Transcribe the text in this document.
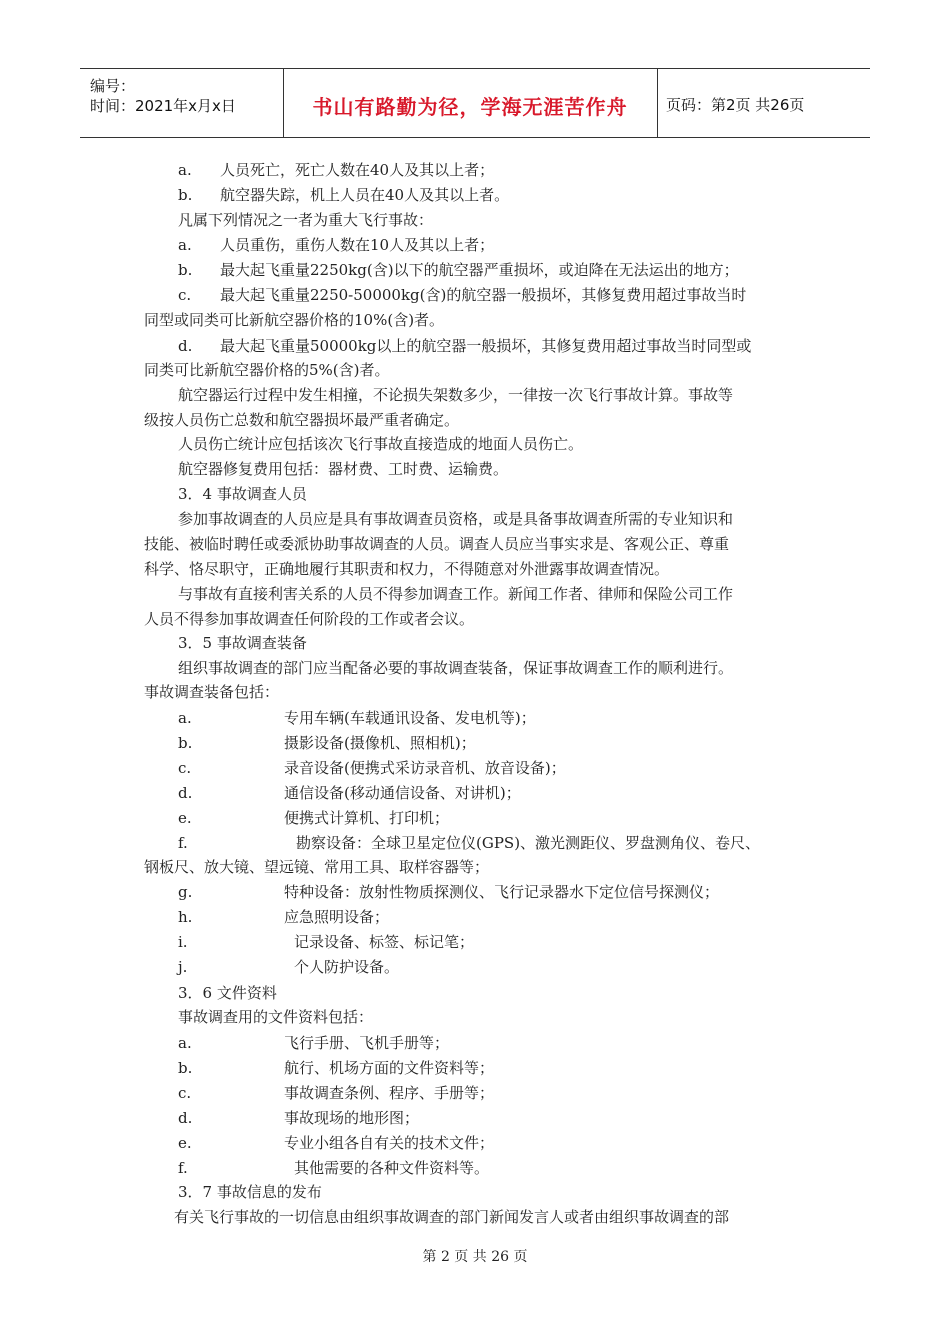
编号：
时间：2021年x月x日	书山有路勤为径，学海无涯苦作舟	页码：第2页 共26页
a. 人员死亡，死亡人数在40人及其以上者；
b. 航空器失踪，机上人员在40人及其以上者。
凡属下列情况之一者为重大飞行事故：
a. 人员重伤，重伤人数在10人及其以上者；
b. 最大起飞重量2250kg(含)以下的航空器严重损坏，或迫降在无法运出的地方；
c. 最大起飞重量2250-50000kg(含)的航空器一般损坏，其修复费用超过事故当时
同型或同类可比新航空器价格的10%(含)者。
d. 最大起飞重量50000kg以上的航空器一般损坏，其修复费用超过事故当时同型或
同类可比新航空器价格的5%(含)者。
航空器运行过程中发生相撞，不论损失架数多少，一律按一次飞行事故计算。事故等
级按人员伤亡总数和航空器损坏最严重者确定。
人员伤亡统计应包括该次飞行事故直接造成的地面人员伤亡。
航空器修复费用包括：器材费、工时费、运输费。
3．4 事故调查人员
参加事故调查的人员应是具有事故调查员资格，或是具备事故调查所需的专业知识和
技能、被临时聘任或委派协助事故调查的人员。调查人员应当事实求是、客观公正、尊重
科学、恪尽职守，正确地履行其职责和权力，不得随意对外泄露事故调查情况。
与事故有直接利害关系的人员不得参加调查工作。新闻工作者、律师和保险公司工作
人员不得参加事故调查任何阶段的工作或者会议。
3．5 事故调查装备
组织事故调查的部门应当配备必要的事故调查装备，保证事故调查工作的顺利进行。
事故调查装备包括：
a.	专用车辆(车载通讯设备、发电机等)；
b.	摄影设备(摄像机、照相机)；
c.	录音设备(便携式采访录音机、放音设备)；
d.	通信设备(移动通信设备、对讲机)；
e.	便携式计算机、打印机；
f.	勘察设备：全球卫星定位仪(GPS)、激光测距仪、罗盘测角仪、卷尺、
钢板尺、放大镜、望远镜、常用工具、取样容器等；
g.	特种设备：放射性物质探测仪、飞行记录器水下定位信号探测仪；
h.	应急照明设备；
i.	记录设备、标签、标记笔；
j.	个人防护设备。
3．6 文件资料
事故调查用的文件资料包括：
a.	飞行手册、飞机手册等；
b.	航行、机场方面的文件资料等；
c.	事故调查条例、程序、手册等；
d.	事故现场的地形图；
e.	专业小组各自有关的技术文件；
f.	其他需要的各种文件资料等。
3．7 事故信息的发布
有关飞行事故的一切信息由组织事故调查的部门新闻发言人或者由组织事故调查的部
第 2 页 共 26 页
